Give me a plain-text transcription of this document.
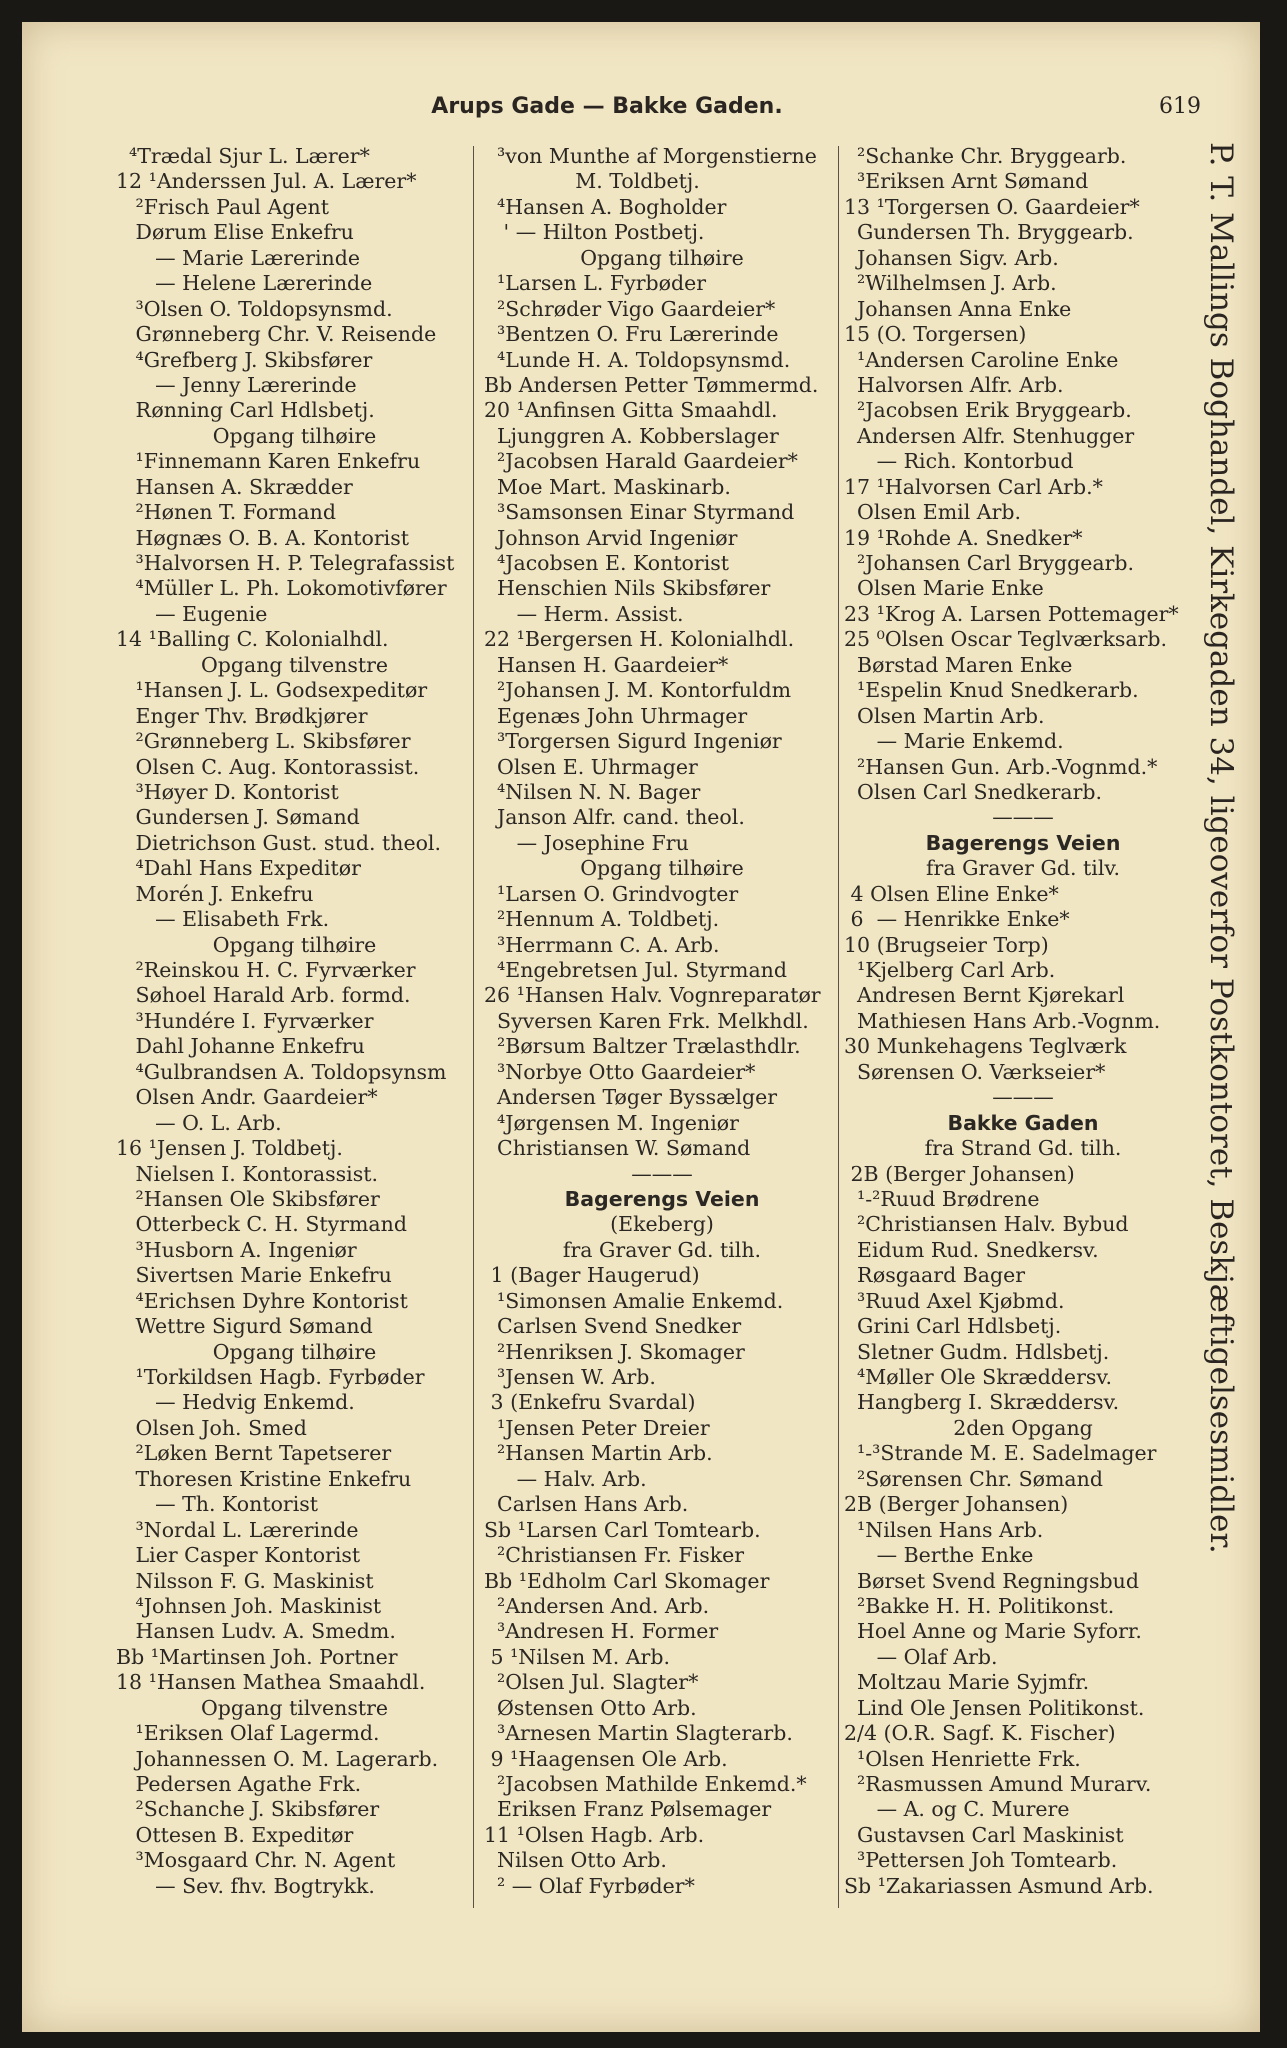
Arups Gade — Bakke Gaden.	619
⁴Trædal Sjur L. Lærer*
12 ¹Anderssen Jul. A. Lærer*
²Frisch Paul Agent
Dørum Elise Enkefru
— Marie Lærerinde
— Helene Lærerinde
³Olsen O. Toldopsynsmd.
Grønneberg Chr. V. Reisende
⁴Grefberg J. Skibsfører
— Jenny Lærerinde
Rønning Carl Hdlsbetj.
Opgang tilhøire
¹Finnemann Karen Enkefru
Hansen A. Skrædder
²Hønen T. Formand
Høgnæs O. B. A. Kontorist
³Halvorsen H. P. Telegrafassist
⁴Müller L. Ph. Lokomotivfører
— Eugenie
14 ¹Balling C. Kolonialhdl.
Opgang tilvenstre
¹Hansen J. L. Godsexpeditør
Enger Thv. Brødkjører
²Grønneberg L. Skibsfører
Olsen C. Aug. Kontorassist.
³Høyer D. Kontorist
Gundersen J. Sømand
Dietrichson Gust. stud. theol.
⁴Dahl Hans Expeditør
Morén J. Enkefru
— Elisabeth Frk.
Opgang tilhøire
²Reinskou H. C. Fyrværker
Søhoel Harald Arb. formd.
³Hundére I. Fyrværker
Dahl Johanne Enkefru
⁴Gulbrandsen A. Toldopsynsm
Olsen Andr. Gaardeier*
— O. L. Arb.
16 ¹Jensen J. Toldbetj.
Nielsen I. Kontorassist.
²Hansen Ole Skibsfører
Otterbeck C. H. Styrmand
³Husborn A. Ingeniør
Sivertsen Marie Enkefru
⁴Erichsen Dyhre Kontorist
Wettre Sigurd Sømand
Opgang tilhøire
¹Torkildsen Hagb. Fyrbøder
— Hedvig Enkemd.
Olsen Joh. Smed
²Løken Bernt Tapetserer
Thoresen Kristine Enkefru
— Th. Kontorist
³Nordal L. Lærerinde
Lier Casper Kontorist
Nilsson F. G. Maskinist
⁴Johnsen Joh. Maskinist
Hansen Ludv. A. Smedm.
Bb ¹Martinsen Joh. Portner
18 ¹Hansen Mathea Smaahdl.
Opgang tilvenstre
¹Eriksen Olaf Lagermd.
Johannessen O. M. Lagerarb.
Pedersen Agathe Frk.
²Schanche J. Skibsfører
Ottesen B. Expeditør
³Mosgaard Chr. N. Agent
— Sev. fhv. Bogtrykk.
³von Munthe af Morgenstierne
M. Toldbetj.
⁴Hansen A. Bogholder
' — Hilton Postbetj.
Opgang tilhøire
¹Larsen L. Fyrbøder
²Schrøder Vigo Gaardeier*
³Bentzen O. Fru Lærerinde
⁴Lunde H. A. Toldopsynsmd.
Bb Andersen Petter Tømmermd.
20 ¹Anfinsen Gitta Smaahdl.
Ljunggren A. Kobberslager
²Jacobsen Harald Gaardeier*
Moe Mart. Maskinarb.
³Samsonsen Einar Styrmand
Johnson Arvid Ingeniør
⁴Jacobsen E. Kontorist
Henschien Nils Skibsfører
— Herm. Assist.
22 ¹Bergersen H. Kolonialhdl.
Hansen H. Gaardeier*
²Johansen J. M. Kontorfuldm
Egenæs John Uhrmager
³Torgersen Sigurd Ingeniør
Olsen E. Uhrmager
⁴Nilsen N. N. Bager
Janson Alfr. cand. theol.
— Josephine Fru
Opgang tilhøire
¹Larsen O. Grindvogter
²Hennum A. Toldbetj.
³Herrmann C. A. Arb.
⁴Engebretsen Jul. Styrmand
26 ¹Hansen Halv. Vognreparatør
Syversen Karen Frk. Melkhdl.
²Børsum Baltzer Trælasthdlr.
³Norbye Otto Gaardeier*
Andersen Tøger Byssælger
⁴Jørgensen M. Ingeniør
Christiansen W. Sømand
———
Bagerengs Veien
(Ekeberg)
fra Graver Gd. tilh.
1 (Bager Haugerud)
¹Simonsen Amalie Enkemd.
Carlsen Svend Snedker
²Henriksen J. Skomager
³Jensen W. Arb.
3 (Enkefru Svardal)
¹Jensen Peter Dreier
²Hansen Martin Arb.
— Halv. Arb.
Carlsen Hans Arb.
Sb ¹Larsen Carl Tomtearb.
²Christiansen Fr. Fisker
Bb ¹Edholm Carl Skomager
²Andersen And. Arb.
³Andresen H. Former
5 ¹Nilsen M. Arb.
²Olsen Jul. Slagter*
Østensen Otto Arb.
³Arnesen Martin Slagterarb.
9 ¹Haagensen Ole Arb.
²Jacobsen Mathilde Enkemd.*
Eriksen Franz Pølsemager
11 ¹Olsen Hagb. Arb.
Nilsen Otto Arb.
² — Olaf Fyrbøder*
²Schanke Chr. Bryggearb.
³Eriksen Arnt Sømand
13 ¹Torgersen O. Gaardeier*
Gundersen Th. Bryggearb.
Johansen Sigv. Arb.
²Wilhelmsen J. Arb.
Johansen Anna Enke
15 (O. Torgersen)
¹Andersen Caroline Enke
Halvorsen Alfr. Arb.
²Jacobsen Erik Bryggearb.
Andersen Alfr. Stenhugger
— Rich. Kontorbud
17 ¹Halvorsen Carl Arb.*
Olsen Emil Arb.
19 ¹Rohde A. Snedker*
²Johansen Carl Bryggearb.
Olsen Marie Enke
23 ¹Krog A. Larsen Pottemager*
25 ⁰Olsen Oscar Teglværksarb.
Børstad Maren Enke
¹Espelin Knud Snedkerarb.
Olsen Martin Arb.
— Marie Enkemd.
²Hansen Gun. Arb.-Vognmd.*
Olsen Carl Snedkerarb.
———
Bagerengs Veien
fra Graver Gd. tilv.
4 Olsen Eline Enke*
6  — Henrikke Enke*
10 (Brugseier Torp)
¹Kjelberg Carl Arb.
Andresen Bernt Kjørekarl
Mathiesen Hans Arb.-Vognm.
30 Munkehagens Teglværk
Sørensen O. Værkseier*
———
Bakke Gaden
fra Strand Gd. tilh.
2B (Berger Johansen)
¹-²Ruud Brødrene
²Christiansen Halv. Bybud
Eidum Rud. Snedkersv.
Røsgaard Bager
³Ruud Axel Kjøbmd.
Grini Carl Hdlsbetj.
Sletner Gudm. Hdlsbetj.
⁴Møller Ole Skræddersv.
Hangberg I. Skræddersv.
2den Opgang
¹-³Strande M. E. Sadelmager
²Sørensen Chr. Sømand
2B (Berger Johansen)
¹Nilsen Hans Arb.
— Berthe Enke
Børset Svend Regningsbud
²Bakke H. H. Politikonst.
Hoel Anne og Marie Syforr.
— Olaf Arb.
Moltzau Marie Syjmfr.
Lind Ole Jensen Politikonst.
2/4 (O.R. Sagf. K. Fischer)
¹Olsen Henriette Frk.
²Rasmussen Amund Murarv.
— A. og C. Murere
Gustavsen Carl Maskinist
³Pettersen Joh Tomtearb.
Sb ¹Zakariassen Asmund Arb.
P. T. Mallings Boghandel, Kirkegaden 34, ligeoverfor Postkontoret, Beskjæftigelsesmidler.
